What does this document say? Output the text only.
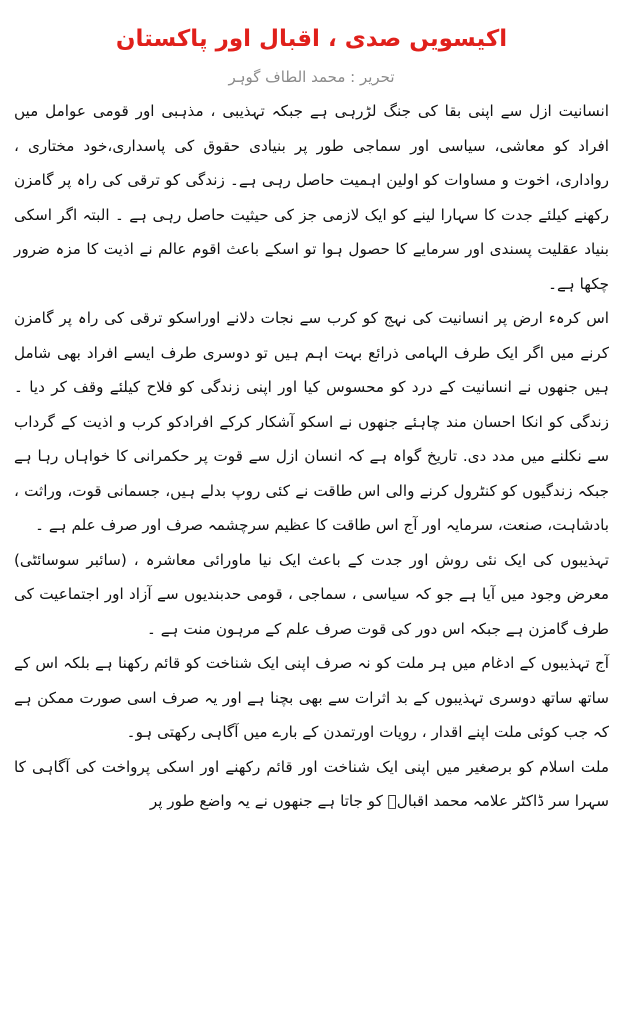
اکیسویں صدی ، اقبال اور پاکستان
تحریر : محمد الطاف گوہر

انسانیت ازل سے اپنی بقا کی جنگ لڑرہی ہے جبکہ تہذیبی ، مذہبی اور قومی عوامل میں افراد کو معاشی، سیاسی اور سماجی طور پر بنیادی حقوق کی پاسداری،خود مختاری ، رواداری، اخوت و مساوات کو اولین اہمیت حاصل رہی ہے۔ زندگی کو ترقی کی راہ پر گامزن رکھنے کیلئے جدت کا سہارا لینے کو ایک لازمی جز کی حیثیت حاصل رہی ہے ۔ البتہ اگر اسکی بنیاد عقلیت پسندی اور سرمایے کا حصول ہوا تو اسکے باعث اقوم عالم نے اذیت کا مزہ ضرور چکھا ہے۔

اس کرہء ارض پر انسانیت کی نہج کو کرب سے نجات دلانے اوراسکو ترقی کی راہ پر گامزن کرنے میں اگر ایک طرف الہامی ذرائع بہت اہم ہیں تو دوسری طرف ایسے افراد بھی شامل ہیں جنھوں نے انسانیت کے درد کو محسوس کیا اور اپنی زندگی کو فلاح کیلئے وقف کر دیا ۔ زندگی کو انکا احسان مند چاہئے جنھوں نے اسکو آشکار کرکے افرادکو کرب و اذیت کے گرداب سے نکلنے میں مدد دی. تاریخ گواہ ہے کہ انسان ازل سے قوت پر حکمرانی کا خواہاں رہا ہے جبکہ زندگیوں کو کنٹرول کرنے والی اس طاقت نے کئی روپ بدلے ہیں، جسمانی قوت، وراثت ، بادشاہت، صنعت، سرمایہ اور آج اس طاقت کا عظیم سرچشمہ صرف اور صرف علم ہے ۔

تہذیبوں کی ایک نئی روش اور جدت کے باعث ایک نیا ماورائی معاشرہ ، (سائبر سوسائٹی) معرض وجود میں آیا ہے جو کہ سیاسی ، سماجی ، قومی حدبندیوں سے آزاد اور اجتماعیت کی طرف گامزن ہے جبکہ اس دور کی قوت صرف علم کے مرہون منت ہے ۔

آج تہذیبوں کے ادغام میں ہر ملت کو نہ صرف اپنی ایک شناخت کو قائم رکھنا ہے بلکہ اس کے ساتھ ساتھ دوسری تہذیبوں کے بد اثرات سے بھی بچنا ہے اور یہ صرف اسی صورت ممکن ہے کہ جب کوئی ملت اپنے اقدار ، رویات اورتمدن کے بارے میں آگاہی رکھتی ہو۔

ملت اسلام کو برصغیر میں اپنی ایک شناخت اور قائم رکھنے اور اسکی پرواخت کی آگاہی کا سہرا سر ڈاکٹر علامہ محمد اقبالؒ کو جاتا ہے جنھوں نے یہ واضع طور پر
